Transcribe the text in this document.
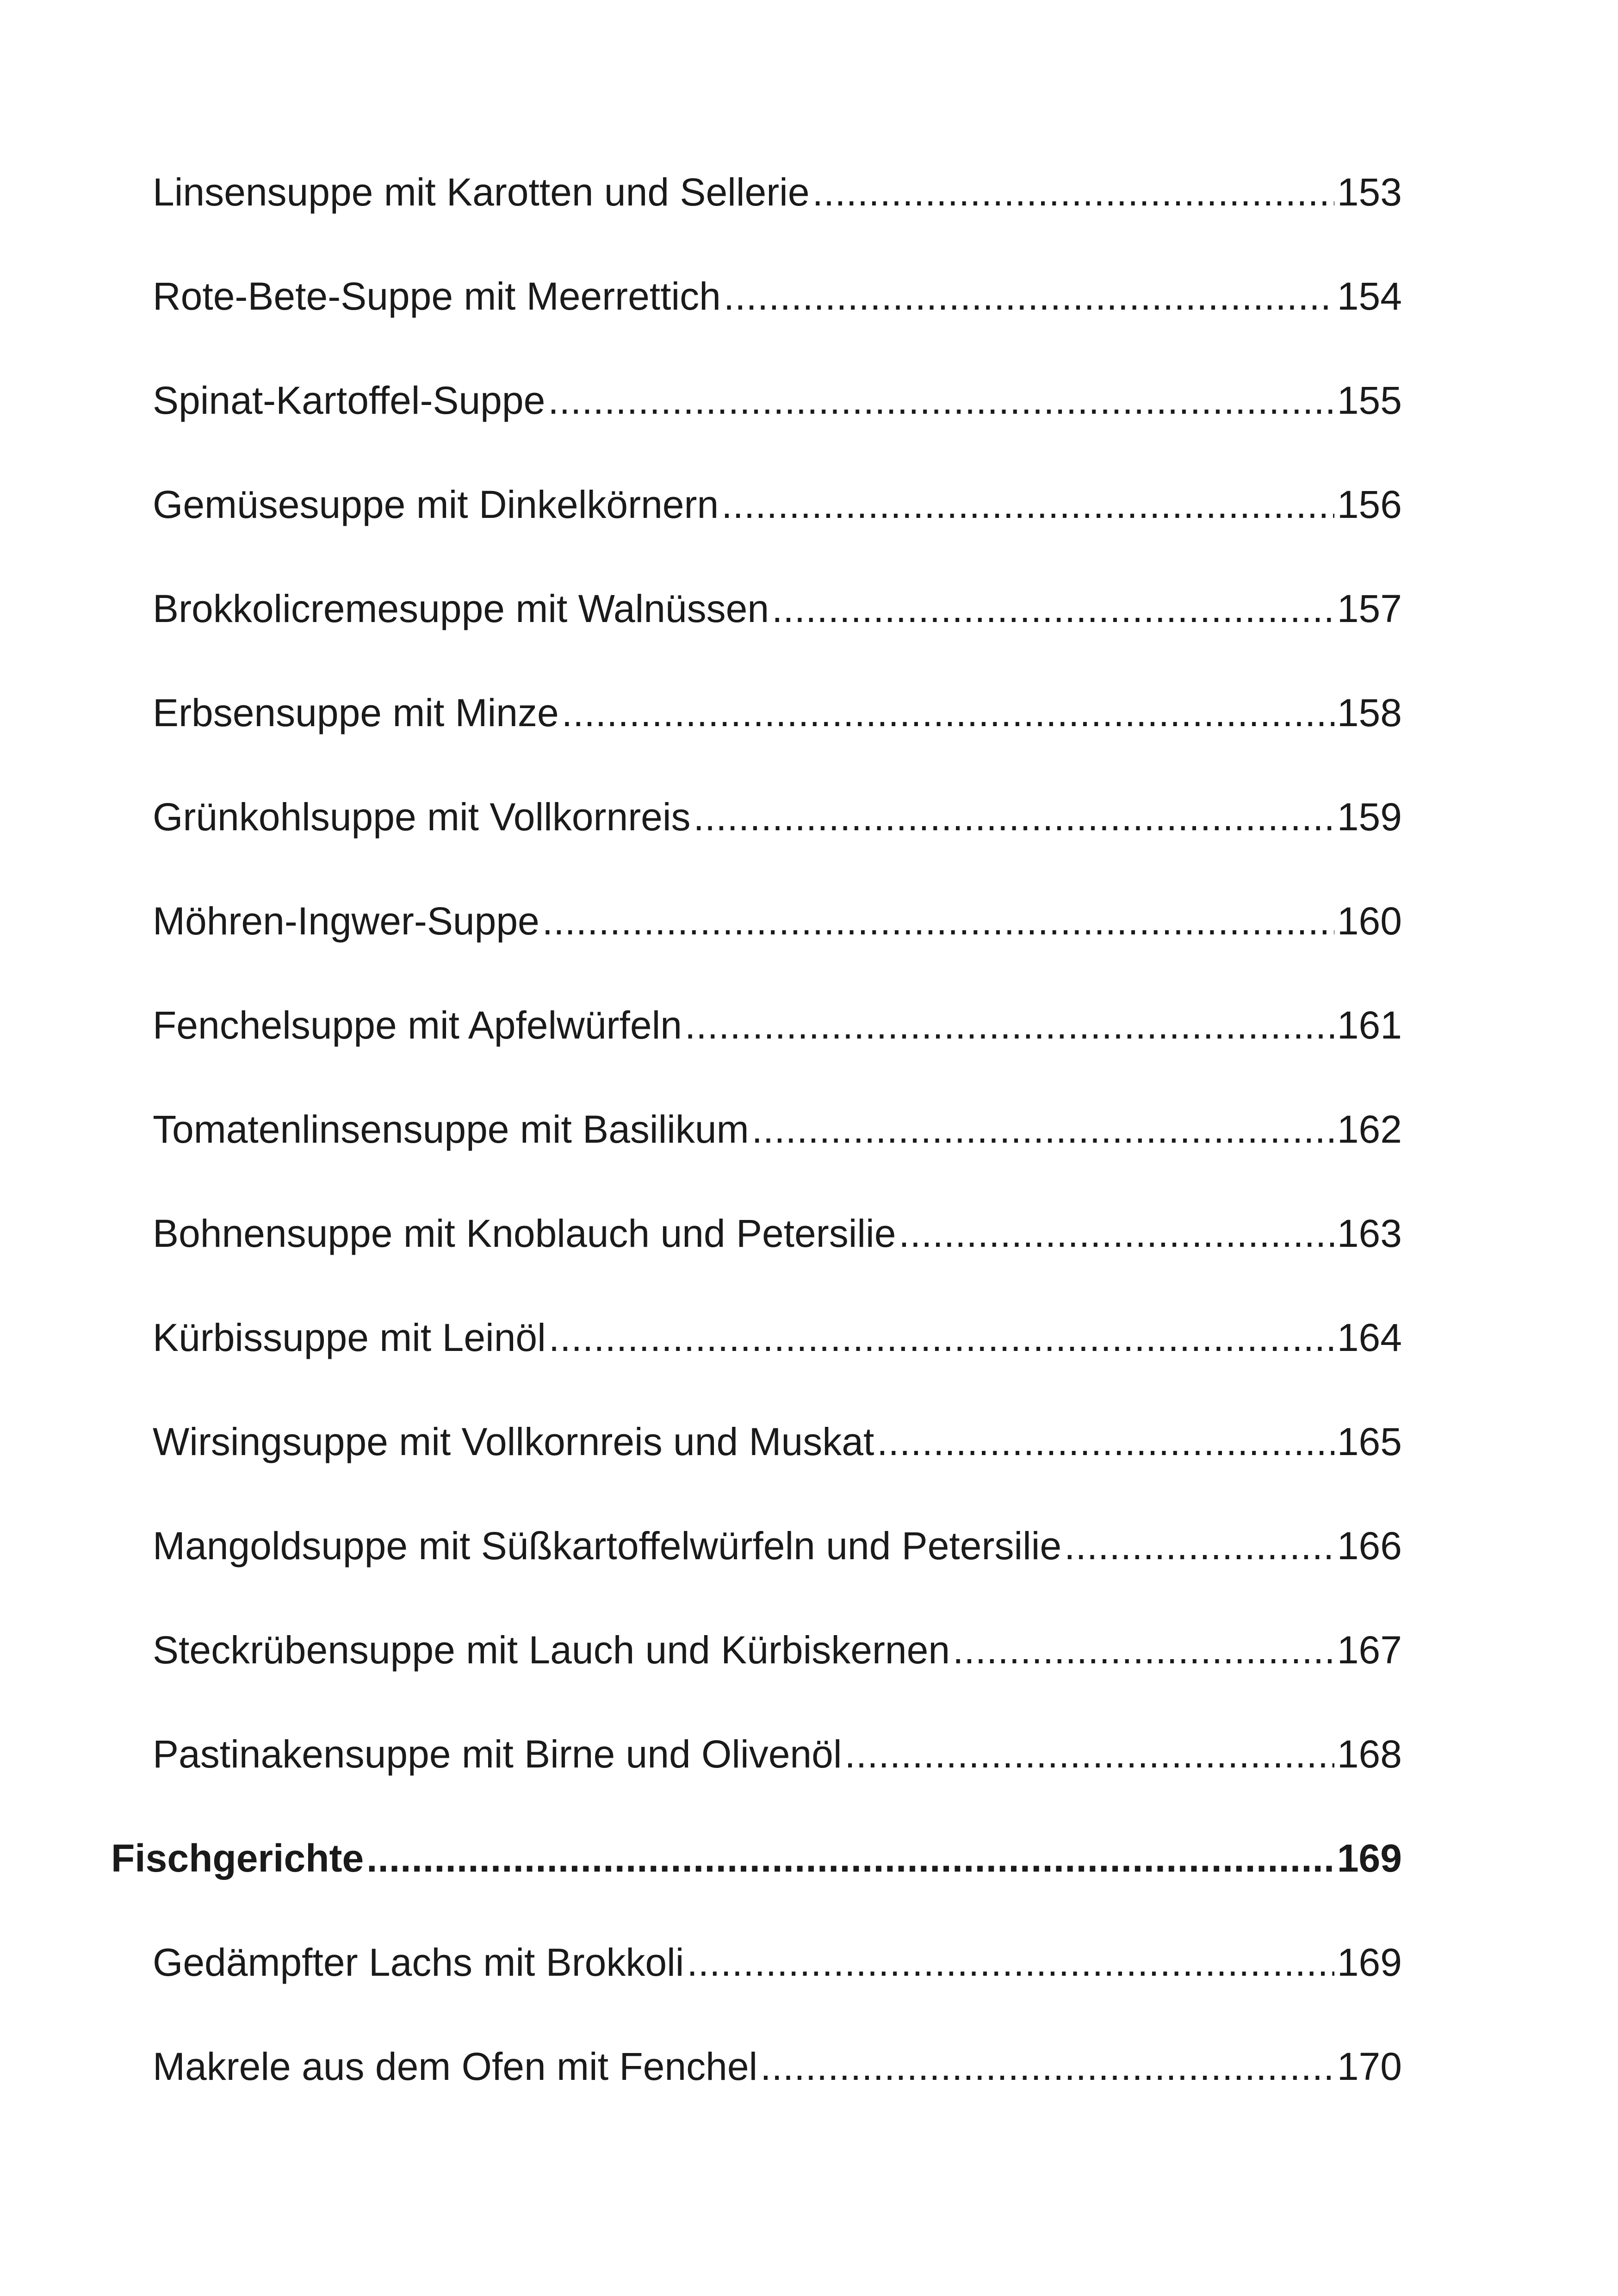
Linsensuppe mit Karotten und Sellerie .....	153
Rote-Bete-Suppe mit Meerrettich .....	154
Spinat-Kartoffel-Suppe .....	155
Gemüsesuppe mit Dinkelkörnern .....	156
Brokkolicremesuppe mit Walnüssen .....	157
Erbsensuppe mit Minze .....	158
Grünkohlsuppe mit Vollkornreis .....	159
Möhren-Ingwer-Suppe .....	160
Fenchelsuppe mit Apfelwürfeln .....	161
Tomatenlinsensuppe mit Basilikum .....	162
Bohnensuppe mit Knoblauch und Petersilie .....	163
Kürbissuppe mit Leinöl .....	164
Wirsingsuppe mit Vollkornreis und Muskat .....	165
Mangoldsuppe mit Süßkartoffelwürfeln und Petersilie .....	166
Steckrübensuppe mit Lauch und Kürbiskernen .....	167
Pastinakensuppe mit Birne und Olivenöl .....	168
Fischgerichte .....	169
Gedämpfter Lachs mit Brokkoli .....	169
Makrele aus dem Ofen mit Fenchel .....	170
